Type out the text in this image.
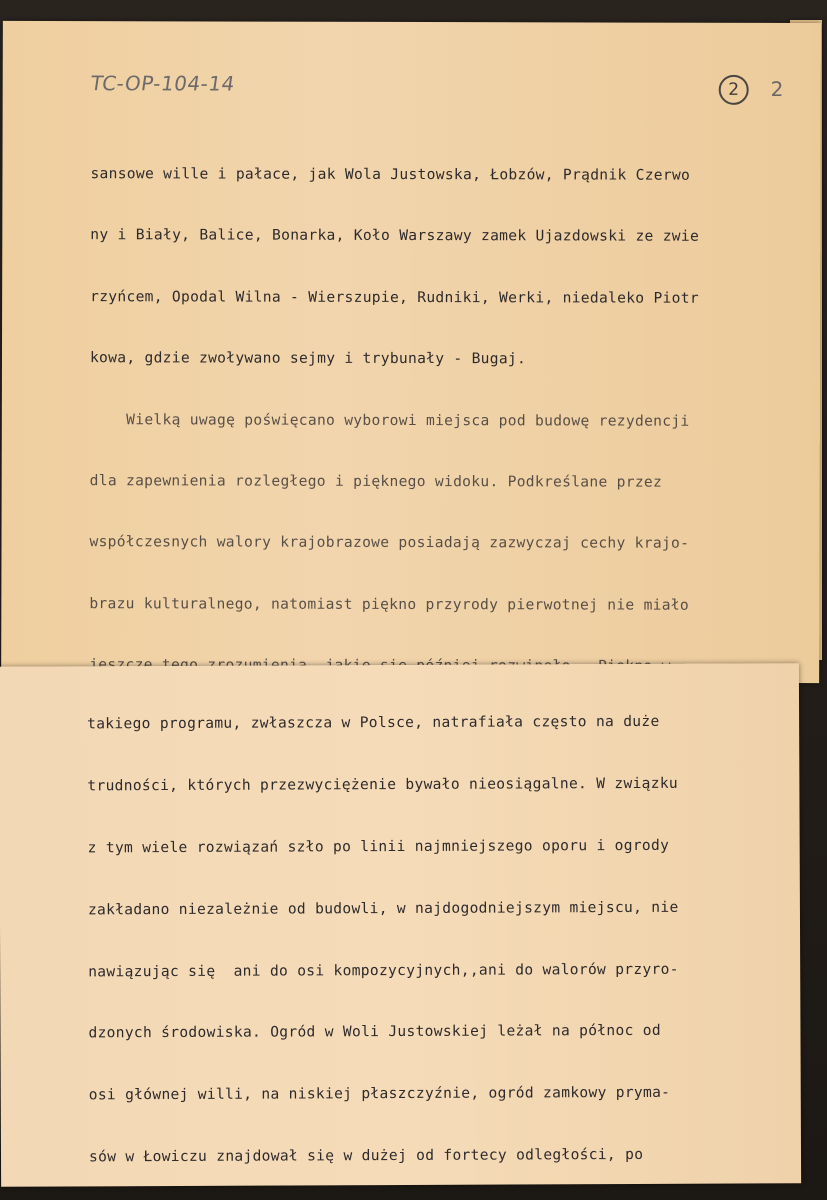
TC-OP-104-14	2	2

sansowe wille i pałace, jak Wola Justowska, Łobzów, Prądnik Czerwo

ny i Biały, Balice, Bonarka, Koło Warszawy zamek Ujazdowski ze zwie

rzyńcem, Opodal Wilna - Wierszupie, Rudniki, Werki, niedaleko Piotr

kowa, gdzie zwoływano sejmy i trybunały - Bugaj.

Wielką uwagę poświęcano wyborowi miejsca pod budowę rezydencji

dla zapewnienia rozległego i pięknego widoku. Podkreślane przez

współczesnych walory krajobrazowe posiadają zazwyczaj cechy krajo-

brazu kulturalnego, natomiast piękno przyrody pierwotnej nie miało

takiego programu, zwłaszcza w Polsce, natrafiała często na duże

trudności, których przezwyciężenie bywało nieosiągalne. W związku

z tym wiele rozwiązań szło po linii najmniejszego oporu i ogrody

zakładano niezależnie od budowli, w najdogodniejszym miejscu, nie

nawiązując się  ani do osi kompozycyjnych,,ani do walorów przyro-

dzonych środowiska. Ogród w Woli Justowskiej leżał na północ od

osi głównej willi, na niskiej płaszczyźnie, ogród zamkowy pryma-

sów w Łowiczu znajdował się w dużej od fortecy odległości, po
